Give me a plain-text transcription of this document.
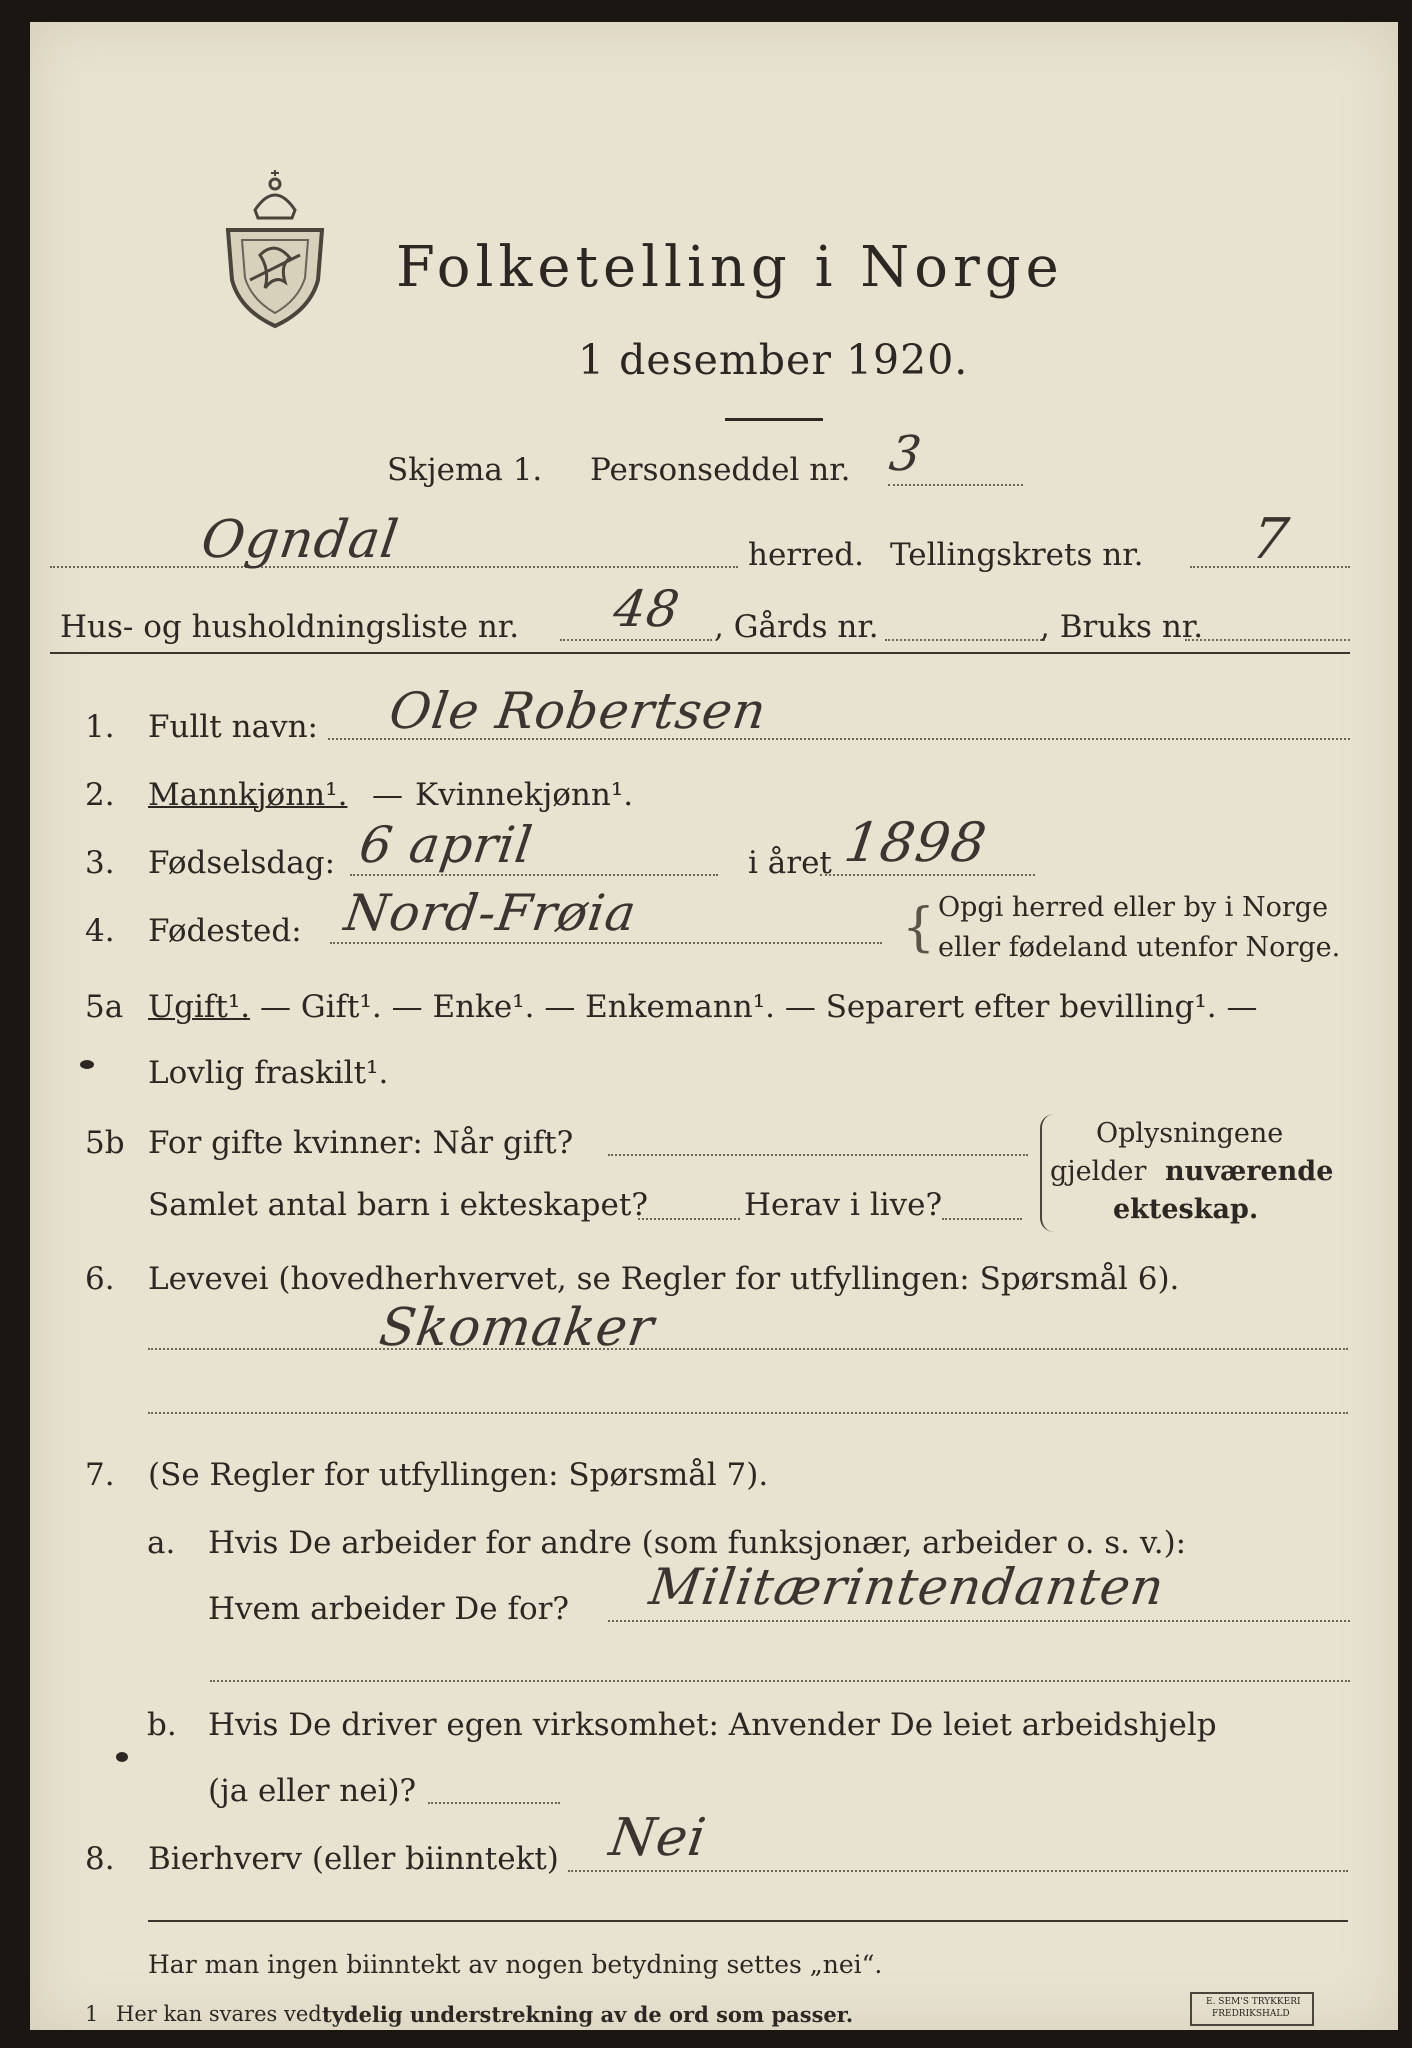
Folketelling i Norge
1 desember 1920.
Skjema 1. Personseddel nr. 3
Ogndal	herred. Tellingskrets nr. 7
Hus- og husholdningsliste nr. 48 , Gårds nr.	, Bruks nr.
1. Fullt navn: Ole Robertsen
2. Mannkjønn¹. — Kvinnekjønn¹.
3. Fødselsdag: 6 april	i året 1898
4. Fødested: Nord-Frøia	{ Opgi herred eller by i Norge
eller fødeland utenfor Norge.
5a Ugift¹. — Gift¹. — Enke¹. — Enkemann¹. — Separert efter bevilling¹. —
Lovlig fraskilt¹.
5b For gifte kvinner: Når gift?
Samlet antal barn i ekteskapet?	Herav i live?
Oplysningene
gjelder nuværende
ekteskap.
6. Levevei (hovedherhvervet, se Regler for utfyllingen: Spørsmål 6).
Skomaker
7. (Se Regler for utfyllingen: Spørsmål 7).
a. Hvis De arbeider for andre (som funksjonær, arbeider o. s. v.):
Hvem arbeider De for? Militærintendanten
b. Hvis De driver egen virksomhet: Anvender De leiet arbeidshjelp
(ja eller nei)?
8. Bierhverv (eller biinntekt) Nei
Har man ingen biinntekt av nogen betydning settes „nei“.
1 Her kan svares ved tydelig understrekning av de ord som passer.	E. SEM'S TRYKKERI
FREDRIKSHALD
